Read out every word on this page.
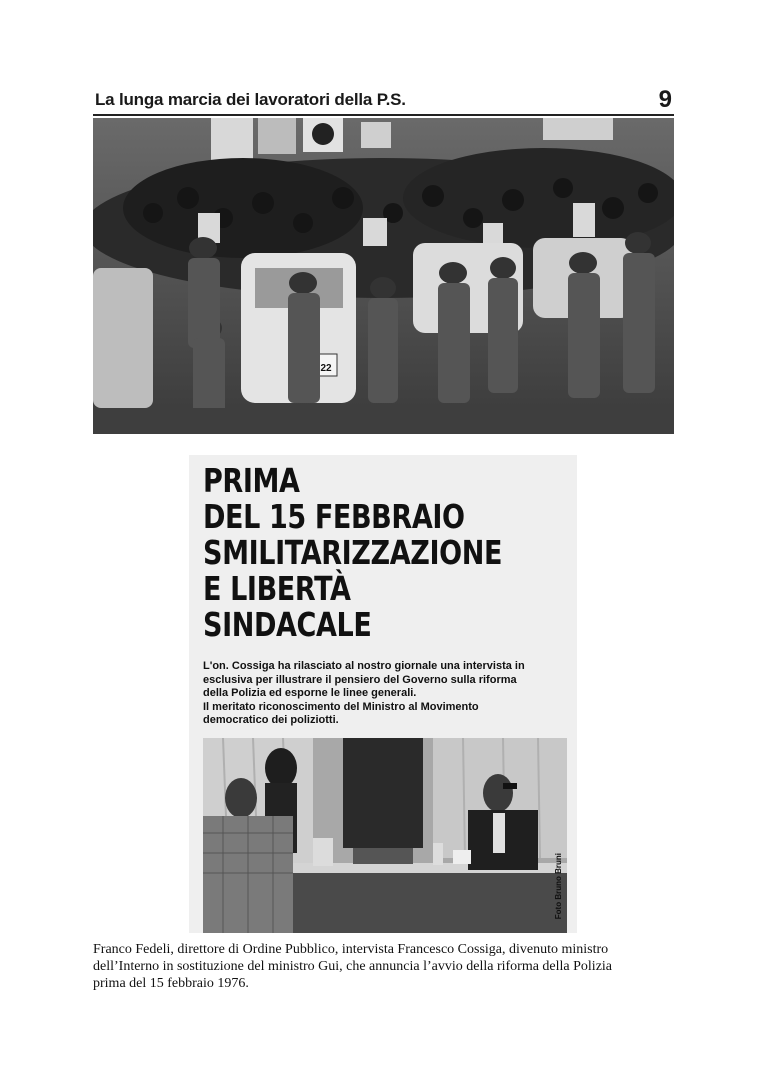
La lunga marcia dei lavoratori della P.S.	9
22
PRIMA
DEL 15 FEBBRAIO
SMILITARIZZAZIONE
E LIBERTÀ
SINDACALE
L'on. Cossiga ha rilasciato al nostro giornale una intervista in
esclusiva per illustrare il pensiero del Governo sulla riforma
della Polizia ed esporne le linee generali.
Il meritato riconoscimento del Ministro al Movimento
democratico dei poliziotti.
Foto Bruno Bruni
Franco Fedeli, direttore di Ordine Pubblico, intervista Francesco Cossiga, divenuto ministro
dell’Interno in sostituzione del ministro Gui, che annuncia l’avvio della riforma della Polizia
prima del 15 febbraio 1976.
